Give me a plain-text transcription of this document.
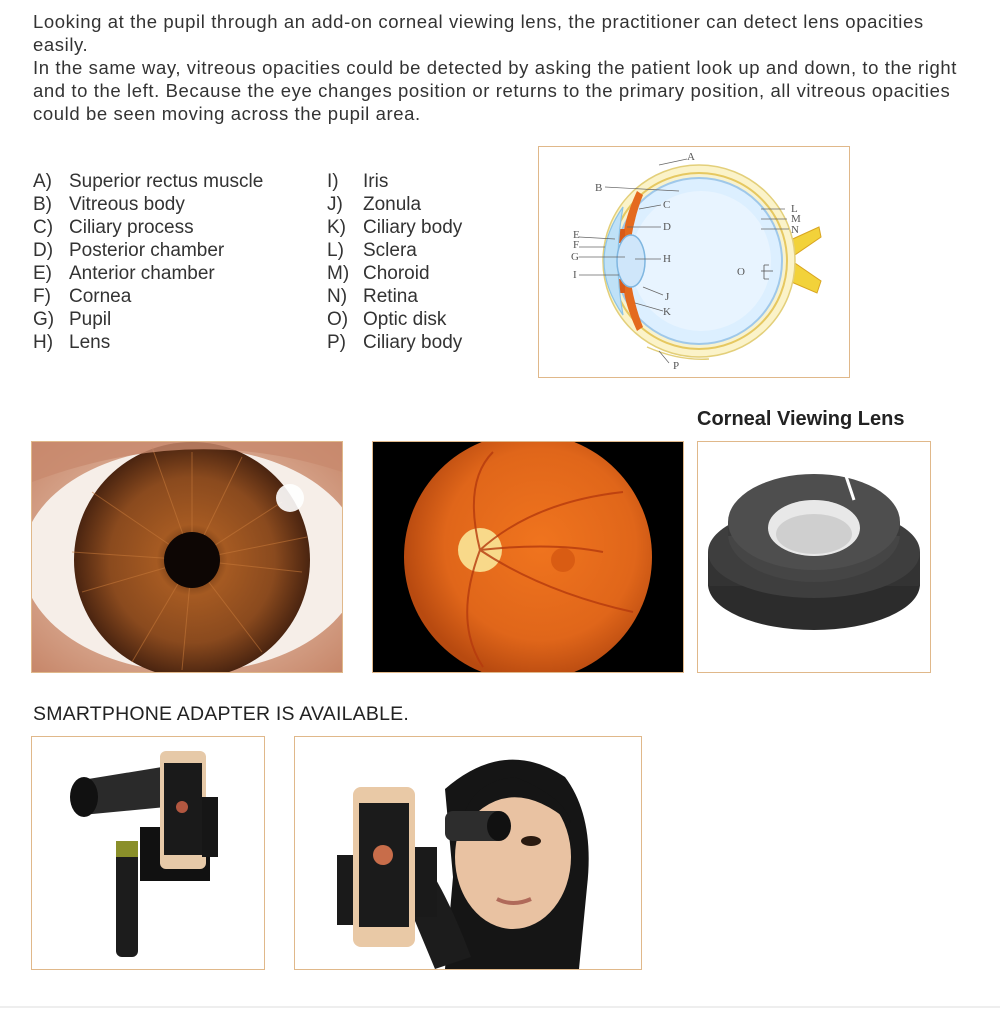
Looking at the pupil through an add-on corneal viewing lens, the practitioner can detect lens opacities easily.

In the same way, vitreous opacities could be detected by asking the patient look up and down, to the right and to the left. Because the eye changes position or returns to the primary position, all vitreous opacities could be seen moving across the pupil area.

A) Superior rectus muscle
B) Vitreous body
C) Ciliary process
D) Posterior chamber
E) Anterior chamber
F) Cornea
G) Pupil
H) Lens
I) Iris
J) Zonula
K) Ciliary body
L) Sclera
M) Choroid
N) Retina
O) Optic disk
P) Ciliary body
A
B
C
D
E
F
G	H
I
J
K
L
M
N
O
P
Corneal Viewing Lens
SMARTPHONE ADAPTER IS AVAILABLE.
